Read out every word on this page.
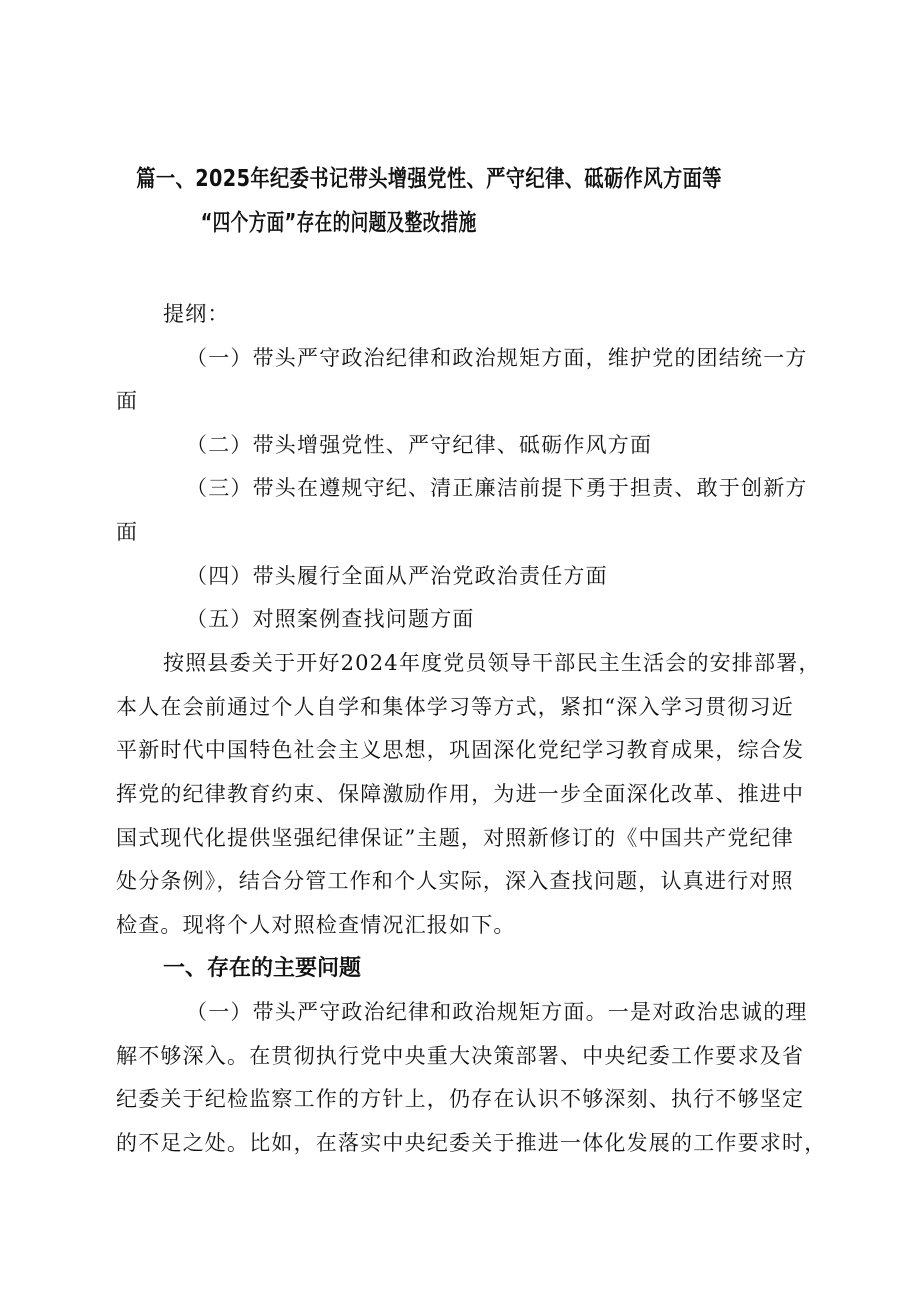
篇一、2025年纪委书记带头增强党性、严守纪律、砥砺作风方面等
“四个方面”存在的问题及整改措施
提纲：
（一）带头严守政治纪律和政治规矩方面，维护党的团结统一方
面
（二）带头增强党性、严守纪律、砥砺作风方面
（三）带头在遵规守纪、清正廉洁前提下勇于担责、敢于创新方
面
（四）带头履行全面从严治党政治责任方面
（五）对照案例查找问题方面
按照县委关于开好2024年度党员领导干部民主生活会的安排部署，
本人在会前通过个人自学和集体学习等方式，紧扣“深入学习贯彻习近
平新时代中国特色社会主义思想，巩固深化党纪学习教育成果，综合发
挥党的纪律教育约束、保障激励作用，为进一步全面深化改革、推进中
国式现代化提供坚强纪律保证”主题，对照新修订的《中国共产党纪律
处分条例》，结合分管工作和个人实际，深入查找问题，认真进行对照
检查。现将个人对照检查情况汇报如下。
一、存在的主要问题
（一）带头严守政治纪律和政治规矩方面。一是对政治忠诚的理
解不够深入。在贯彻执行党中央重大决策部署、中央纪委工作要求及省
纪委关于纪检监察工作的方针上，仍存在认识不够深刻、执行不够坚定
的不足之处。比如，在落实中央纪委关于推进一体化发展的工作要求时，
